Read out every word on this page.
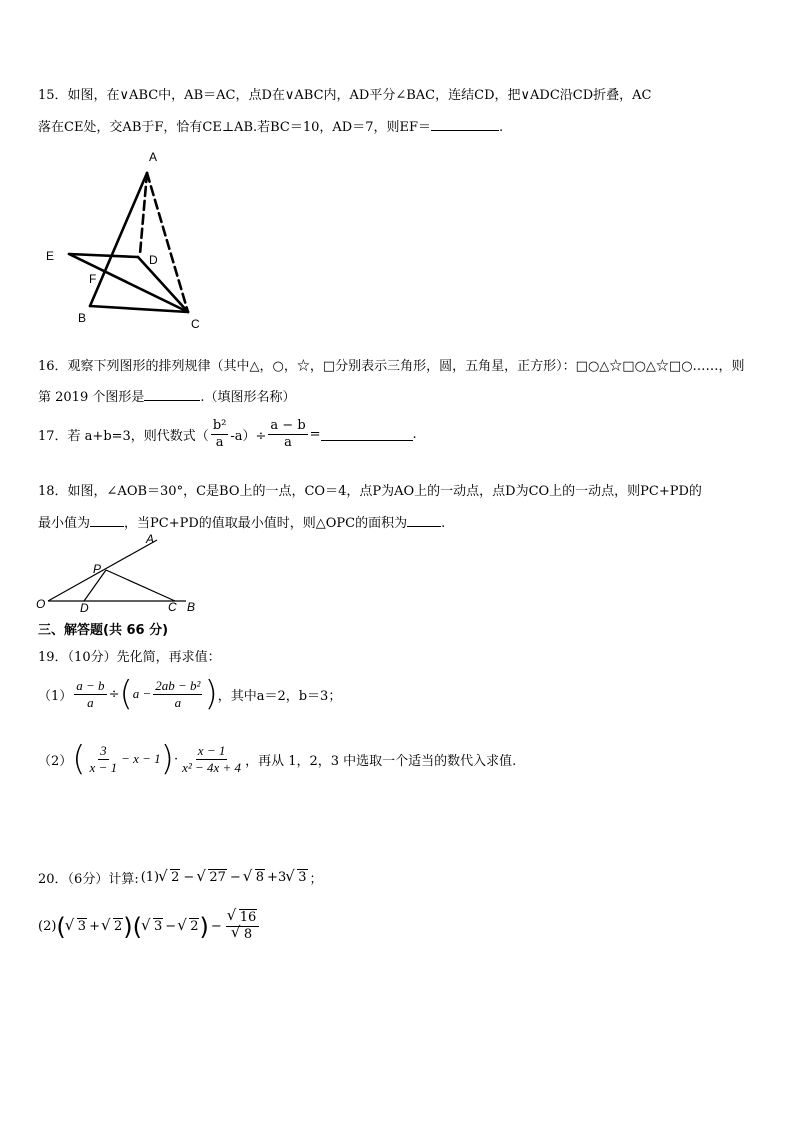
15．如图，在∨ABC中，AB＝AC，点D在∨ABC内，AD平分∠BAC，连结CD，把∨ADC沿CD折叠，AC
落在CE处，交AB于F，恰有CE⊥AB.若BC＝10，AD＝7，则EF＝	.
A
E	D
F
B	C
16．观察下列图形的排列规律（其中△，○，☆，□分别表示三角形，圆，五角星，正方形）：□○△☆□○△☆□○……，则
第 2019 个图形是	.（填图形名称）
17．若 a+b=3，则代数式（ $\frac{\text{b²}}{a} -a)\div \frac{a - b}{a}$ =	.
18．如图，∠AOB＝30°，C是BO上的一点，CO＝4，点P为AO上的一动点，点D为CO上的一动点，则PC+PD的
最小值为	，当PC+PD的值取最小值时，则△OPC的面积为	.
A
P
O	D	C B
三、解答题(共 66 分)
19．（10分）先化简，再求值：
$(1) \frac{a - b}{a}$ ÷ ( $a - \frac{\text{2ab − b²}}{a}$ ) ，其中a＝2，b＝3；
（2） ( $\frac{3}{x - 1} - x - 1$ ) · $\frac{x - 1}{\text{x² − 4x + 4}}$ ，再从 1，2，3 中选取一个适当的数代入求值.
20．（6分）计算: (1) √ 2 −	√ 27 −	√ 8 +3 √ 3 ；
(2) ( √ 3 +	√ 2 ) ( √ 3 −	√ 2 ) − √ 16
√ 8
